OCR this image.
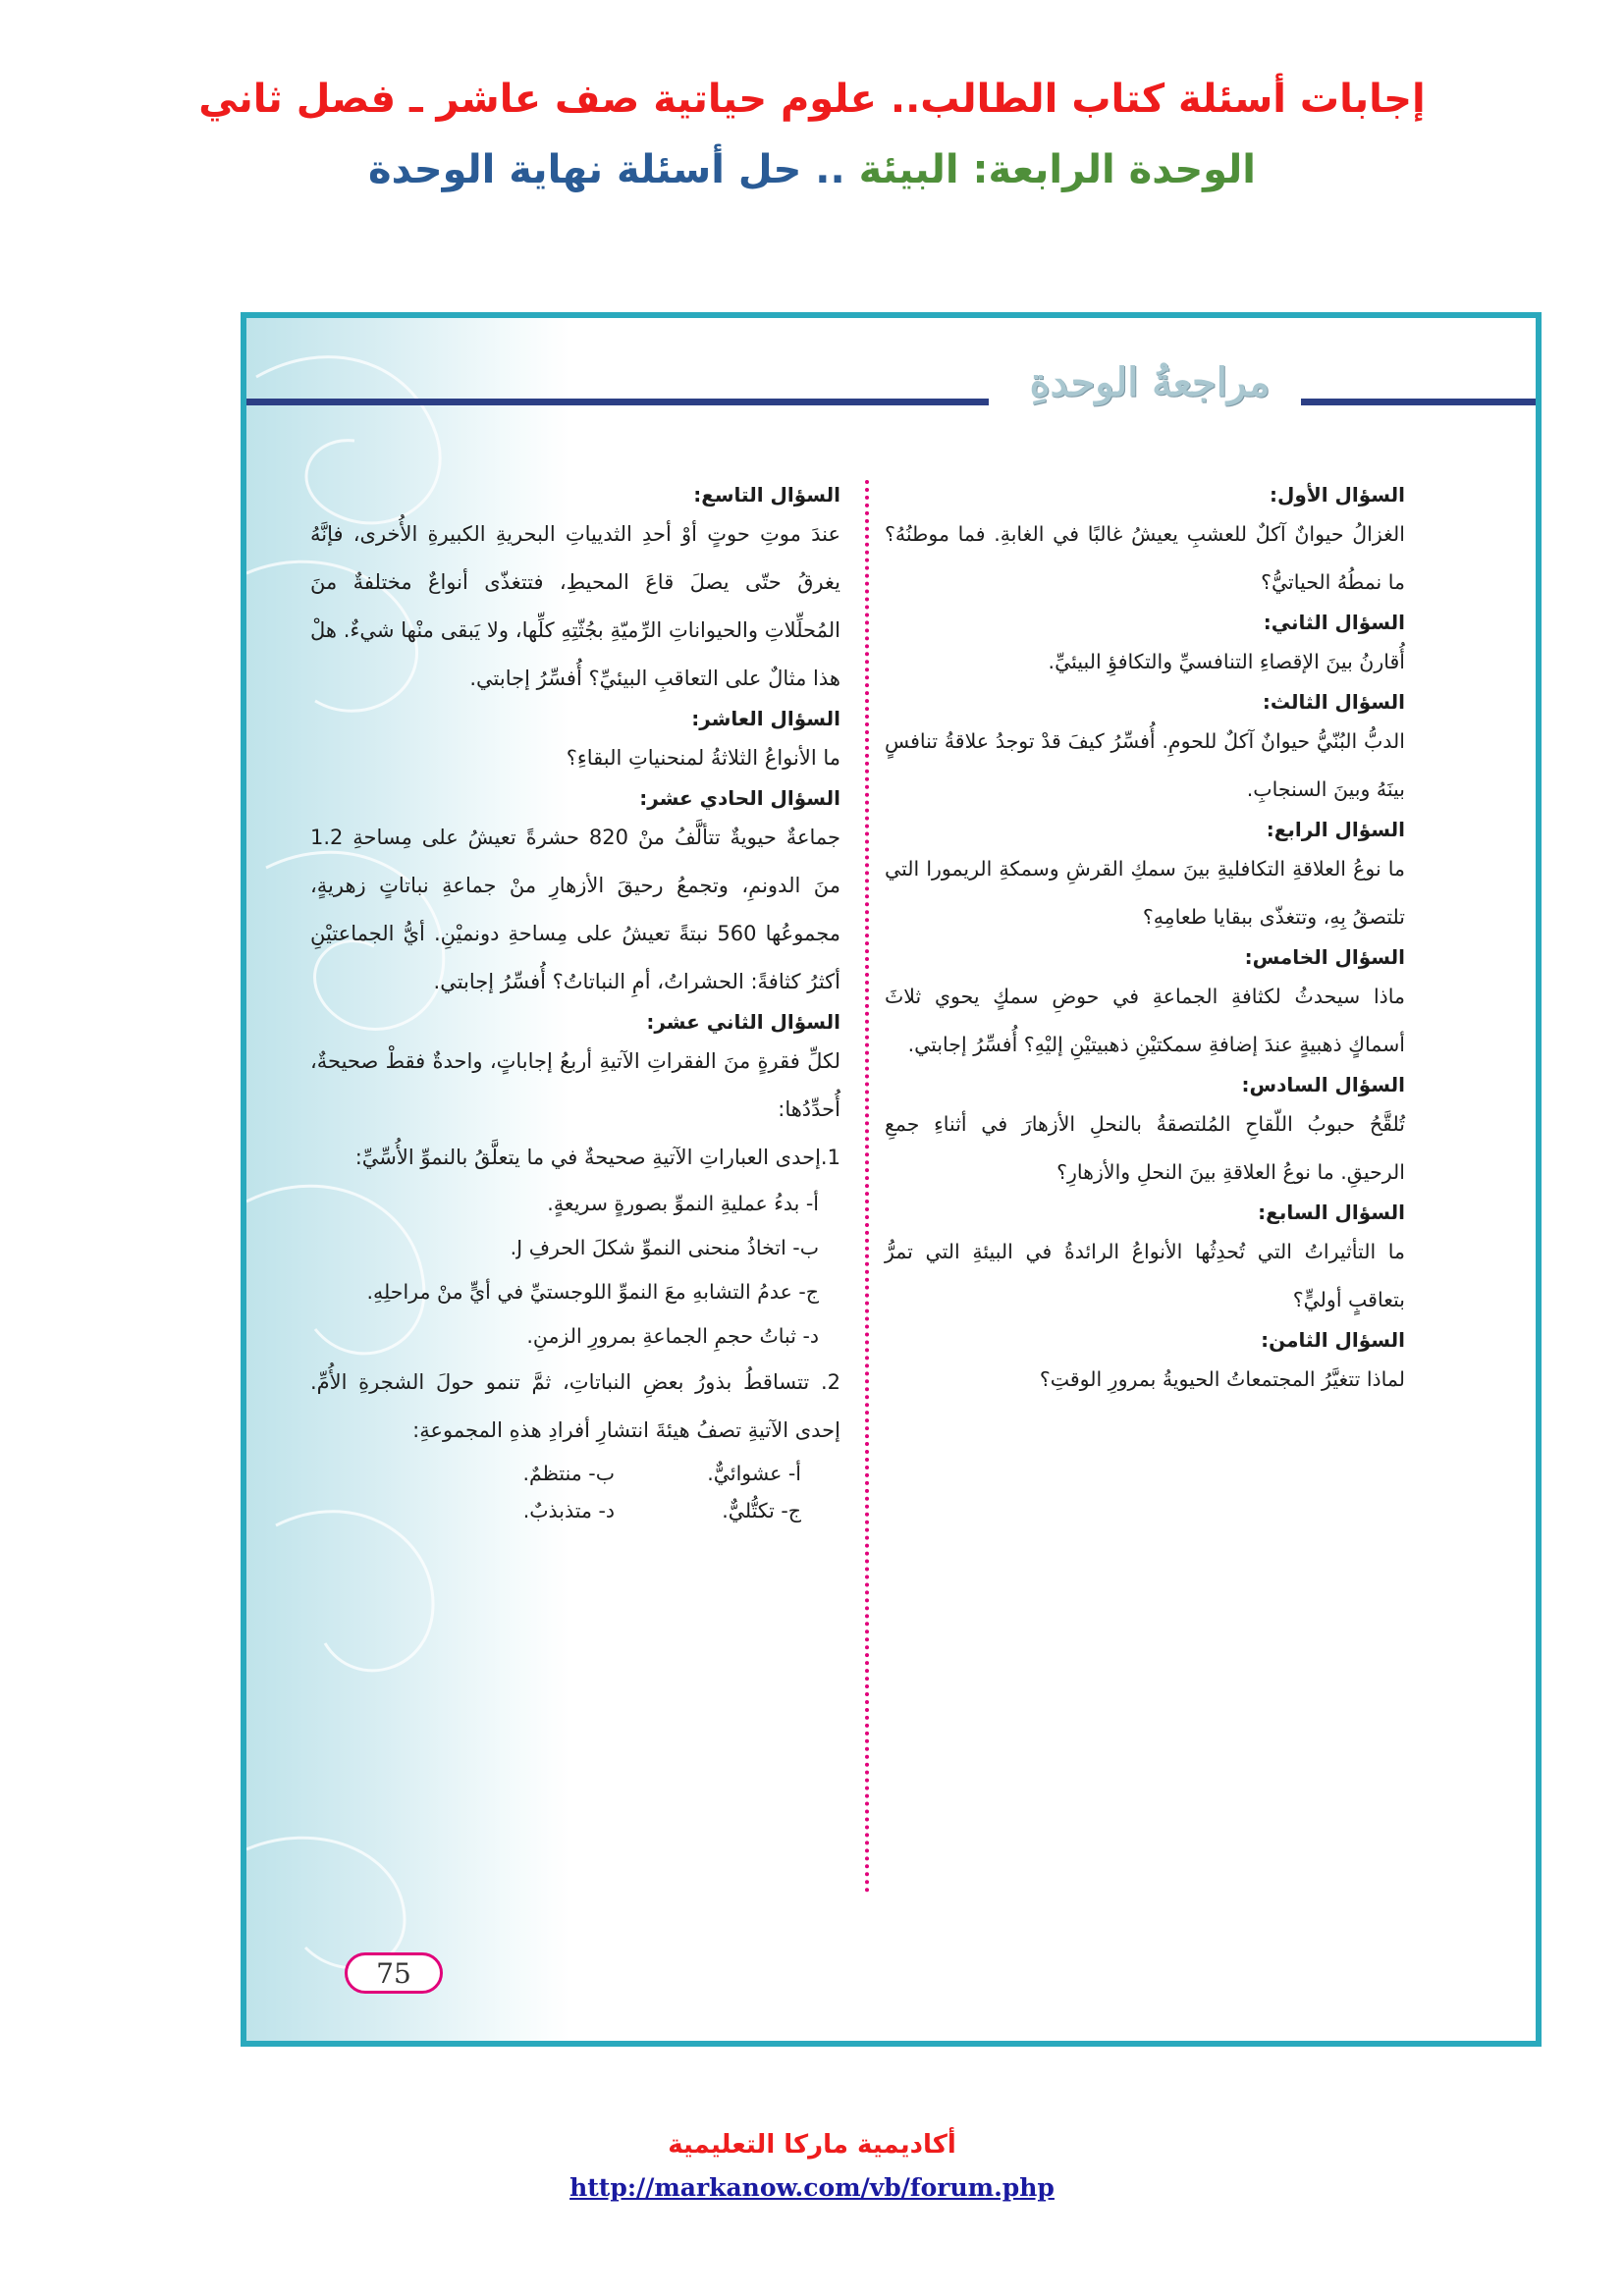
إجابات أسئلة كتاب الطالب.. علوم حياتية صف عاشر ـ فصل ثاني
الوحدة الرابعة: البيئة .. حل أسئلة نهاية الوحدة
مراجعةُ الوحدةِ
السؤال الأول:
الغزالُ حيوانٌ آكلٌ للعشبِ يعيشُ غالبًا في الغابةِ. فما موطنُهُ؟ ما نمطُهُ الحياتيُّ؟
السؤال الثاني:
أُقارنُ بينَ الإقصاءِ التنافسيِّ والتكافؤِ البيئيِّ.
السؤال الثالث:
الدبُّ البُنّيُّ حيوانٌ آكلٌ للحومِ. أُفسِّرُ كيفَ قدْ توجدُ علاقةُ تنافسٍ بينَهُ وبينَ السنجابِ.
السؤال الرابع:
ما نوعُ العلاقةِ التكافليةِ بينَ سمكِ القرشِ وسمكةِ الريمورا التي تلتصقُ بِهِ، وتتغذّى ببقايا طعامِهِ؟
السؤال الخامس:
ماذا سيحدثُ لكثافةِ الجماعةِ في حوضِ سمكٍ يحوي ثلاثَ أسماكٍ ذهبيةٍ عندَ إضافةِ سمكتيْنِ ذهبيتيْنِ إليْهِ؟ أُفسِّرُ إجابتي.
السؤال السادس:
تُلقَّحُ حبوبُ اللّقاحِ المُلتصقةُ بالنحلِ الأزهارَ في أثناءِ جمعِ الرحيقِ. ما نوعُ العلاقةِ بينَ النحلِ والأزهارِ؟
السؤال السابع:
ما التأثيراتُ التي تُحدِثُها الأنواعُ الرائدةُ في البيئةِ التي تمرُّ بتعاقبٍ أوليٍّ؟
السؤال الثامن:
لماذا تتغيَّرُ المجتمعاتُ الحيويةُ بمرورِ الوقتِ؟
السؤال التاسع:
عندَ موتِ حوتٍ أوْ أحدِ الثديياتِ البحريةِ الكبيرةِ الأُخرى، فإنَّهُ يغرقُ حتّى يصلَ قاعَ المحيطِ، فتتغذّى أنواعٌ مختلفةٌ منَ المُحلِّلاتِ والحيواناتِ الرِّميّةِ بجُثّتِهِ كلِّها، ولا يَبقى منْها شيءٌ. هلْ هذا مثالٌ على التعاقبِ البيئيِّ؟ أُفسِّرُ إجابتي.
السؤال العاشر:
ما الأنواعُ الثلاثةُ لمنحنياتِ البقاءِ؟
السؤال الحادي عشر:
جماعةٌ حيويةٌ تتألَّفُ منْ 820 حشرةً تعيشُ على مِساحةِ 1.2 منَ الدونمِ، وتجمعُ رحيقَ الأزهارِ منْ جماعةِ نباتاتٍ زهريةٍ، مجموعُها 560 نبتةً تعيشُ على مِساحةِ دونميْنِ. أيُّ الجماعتيْنِ أكثرُ كثافةً: الحشراتُ، أمِ النباتاتُ؟ أُفسِّرُ إجابتي.
السؤال الثاني عشر:
لكلِّ فقرةٍ منَ الفقراتِ الآتيةِ أربعُ إجاباتٍ، واحدةٌ فقطْ صحيحةٌ، أُحدِّدُها:
1.إحدى العباراتِ الآتيةِ صحيحةٌ في ما يتعلَّقُ بالنموِّ الأُسِّيِّ:
أ- بدءُ عمليةِ النموِّ بصورةٍ سريعةٍ.
ب- اتخاذُ منحنى النموِّ شكلَ الحرفِ J.
ج- عدمُ التشابهِ معَ النموِّ اللوجستيِّ في أيٍّ منْ مراحلِهِ.
د- ثباتُ حجمِ الجماعةِ بمرورِ الزمنِ.
2. تتساقطُ بذورُ بعضِ النباتاتِ، ثمَّ تنمو حولَ الشجرةِ الأُمِّ. إحدى الآتيةِ تصفُ هيئةَ انتشارِ أفرادِ هذهِ المجموعةِ:
أ- عشوائيٌّ.
ب- منتظمٌ.
ج- تكتُّليٌّ.
د- متذبذبٌ.
75
أكاديمية ماركا التعليمية
http://markanow.com/vb/forum.php
